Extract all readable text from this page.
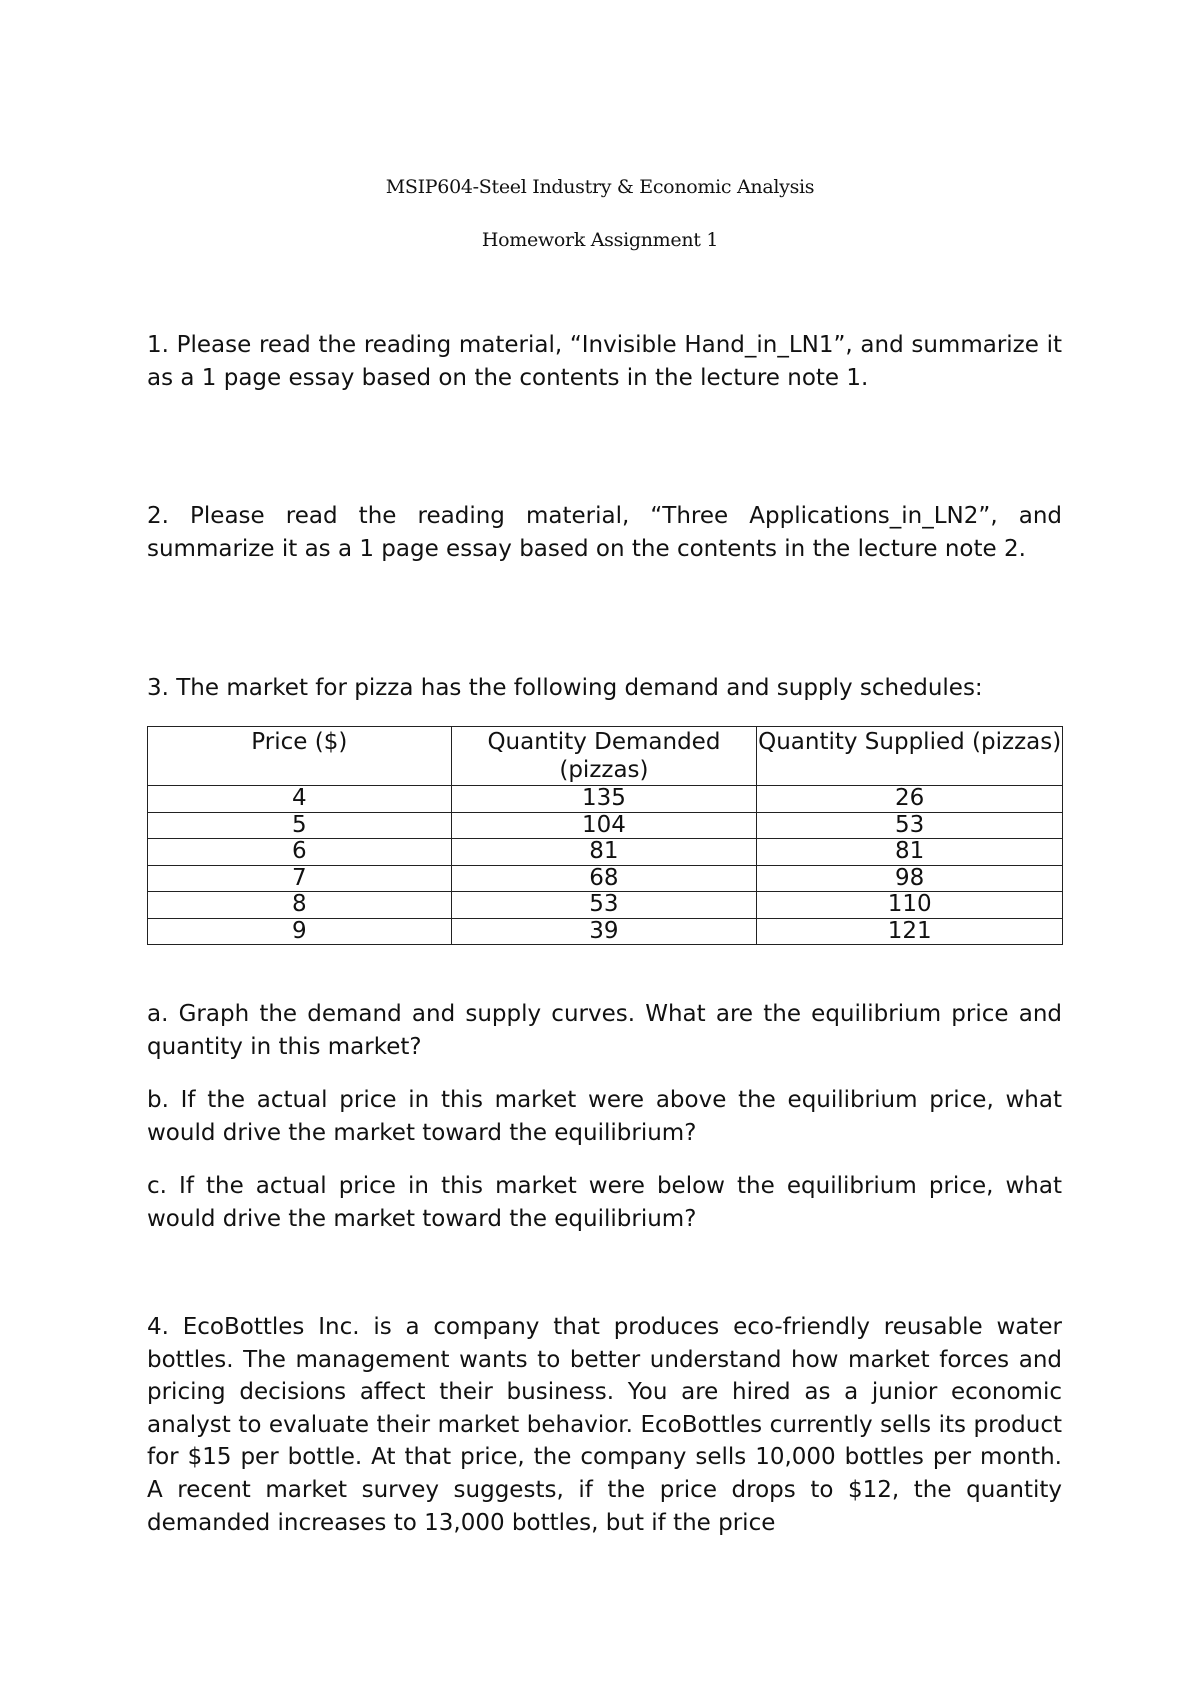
MSIP604-Steel Industry & Economic Analysis
Homework Assignment 1
1. Please read the reading material, “Invisible Hand_in_LN1”, and summarize it as a 1 page essay based on the contents in the lecture note 1.
2. Please read the reading material, “Three Applications_in_LN2”, and summarize it as a 1 page essay based on the contents in the lecture note 2.
3. The market for pizza has the following demand and supply schedules:
Price ($)	Quantity Demanded (pizzas)	Quantity Supplied (pizzas)
4	135	26
5	104	53
6	81	81
7	68	98
8	53	110
9	39	121
a. Graph the demand and supply curves. What are the equilibrium price and quantity in this market?
b. If the actual price in this market were above the equilibrium price, what would drive the market toward the equilibrium?
c. If the actual price in this market were below the equilibrium price, what would drive the market toward the equilibrium?
4. EcoBottles Inc. is a company that produces eco-friendly reusable water bottles. The management wants to better understand how market forces and pricing decisions affect their business. You are hired as a junior economic analyst to evaluate their market behavior. EcoBottles currently sells its product for $15 per bottle. At that price, the company sells 10,000 bottles per month. A recent market survey suggests, if the price drops to $12, the quantity demanded increases to 13,000 bottles, but if the price
